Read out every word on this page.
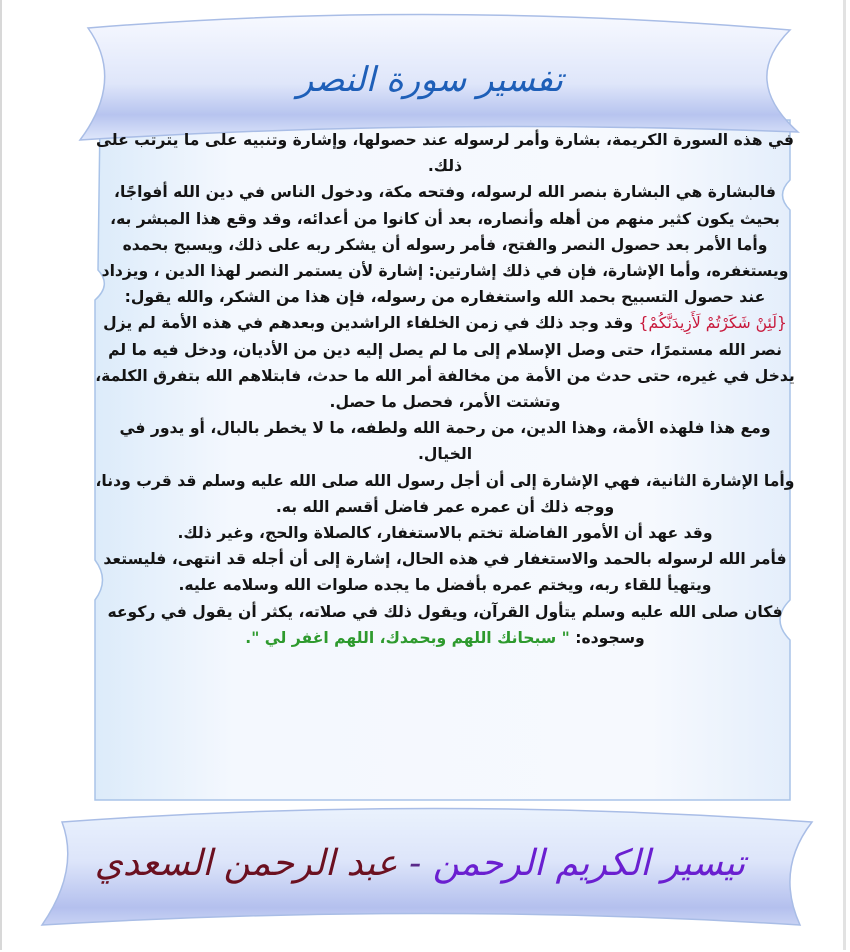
تفسير سورة النصر

في هذه السورة الكريمة، بشارة وأمر لرسوله عند حصولها، وإشارة وتنبيه على ما يترتب على ذلك.

فالبشارة هي البشارة بنصر الله لرسوله، وفتحه مكة، ودخول الناس في دين الله أفواجًا، بحيث يكون كثير منهم من أهله وأنصاره، بعد أن كانوا من أعدائه، وقد وقع هذا المبشر به، وأما الأمر بعد حصول النصر والفتح، فأمر رسوله أن يشكر ربه على ذلك، ويسبح بحمده ويستغفره، وأما الإشارة، فإن في ذلك إشارتين: إشارة لأن يستمر النصر لهذا الدين ، ويزداد عند حصول التسبيح بحمد الله واستغفاره من رسوله، فإن هذا من الشكر، والله يقول:

{لَئِنْ شَكَرْتُمْ لَأَزِيدَنَّكُمْ} وقد وجد ذلك في زمن الخلفاء الراشدين وبعدهم في هذه الأمة لم يزل نصر الله مستمرًا، حتى وصل الإسلام إلى ما لم يصل إليه دين من الأديان، ودخل فيه ما لم يدخل في غيره، حتى حدث من الأمة من مخالفة أمر الله ما حدث، فابتلاهم الله بتفرق الكلمة، وتشتت الأمر، فحصل ما حصل.

ومع هذا فلهذه الأمة، وهذا الدين، من رحمة الله ولطفه، ما لا يخطر بالبال، أو يدور في الخيال.

وأما الإشارة الثانية، فهي الإشارة إلى أن أجل رسول الله صلى الله عليه وسلم قد قرب ودنا، ووجه ذلك أن عمره عمر فاضل أقسم الله به.

وقد عهد أن الأمور الفاضلة تختم بالاستغفار، كالصلاة والحج، وغير ذلك.

فأمر الله لرسوله بالحمد والاستغفار في هذه الحال، إشارة إلى أن أجله قد انتهى، فليستعد ويتهيأ للقاء ربه، ويختم عمره بأفضل ما يجده صلوات الله وسلامه عليه.

فكان صلى الله عليه وسلم يتأول القرآن، ويقول ذلك في صلاته، يكثر أن يقول في ركوعه وسجوده: " سبحانك اللهم وبحمدك، اللهم اغفر لي ".

تيسير الكريم الرحمن - عبد الرحمن السعدي
